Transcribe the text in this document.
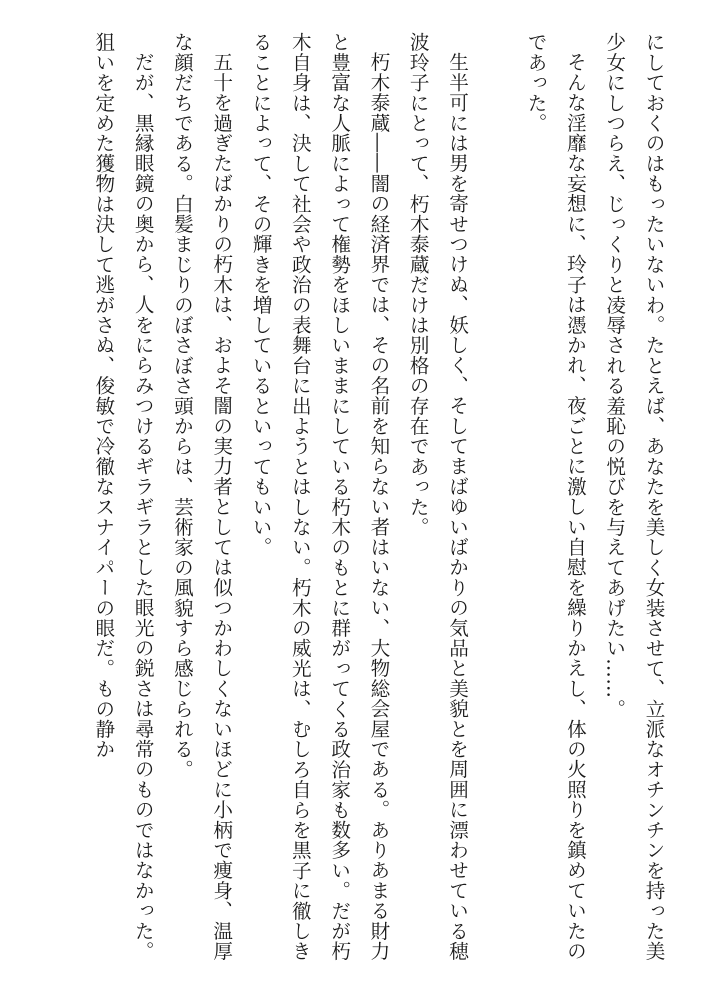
にしておくのはもったいないわ。たとえば、あなたを美しく女装させて、立派なオチンチンを持った美少女にしつらえ、じっくりと凌辱される羞恥の悦びを与えてあげたい……。

そんな淫靡な妄想に、玲子は憑かれ、夜ごとに激しい自慰を繰りかえし、体の火照りを鎮めていたのであった。

生半可には男を寄せつけぬ、妖しく、そしてまばゆいばかりの気品と美貌とを周囲に漂わせている穂波玲子にとって、朽木泰蔵だけは別格の存在であった。

朽木泰蔵――闇の経済界では、その名前を知らない者はいない、大物総会屋である。ありあまる財力と豊富な人脈によって権勢をほしいままにしている朽木のもとに群がってくる政治家も数多い。だが朽木自身は、決して社会や政治の表舞台に出ようとはしない。朽木の威光は、むしろ自らを黒子に徹しきることによって、その輝きを増しているといってもいい。

五十を過ぎたばかりの朽木は、およそ闇の実力者としては似つかわしくないほどに小柄で痩身、温厚な顔だちである。白髪まじりのぼさぼさ頭からは、芸術家の風貌すら感じられる。

だが、黒縁眼鏡の奥から、人をにらみつけるギラギラとした眼光の鋭さは尋常のものではなかった。狙いを定めた獲物は決して逃がさぬ、俊敏で冷徹なスナイパーの眼だ。もの静か
